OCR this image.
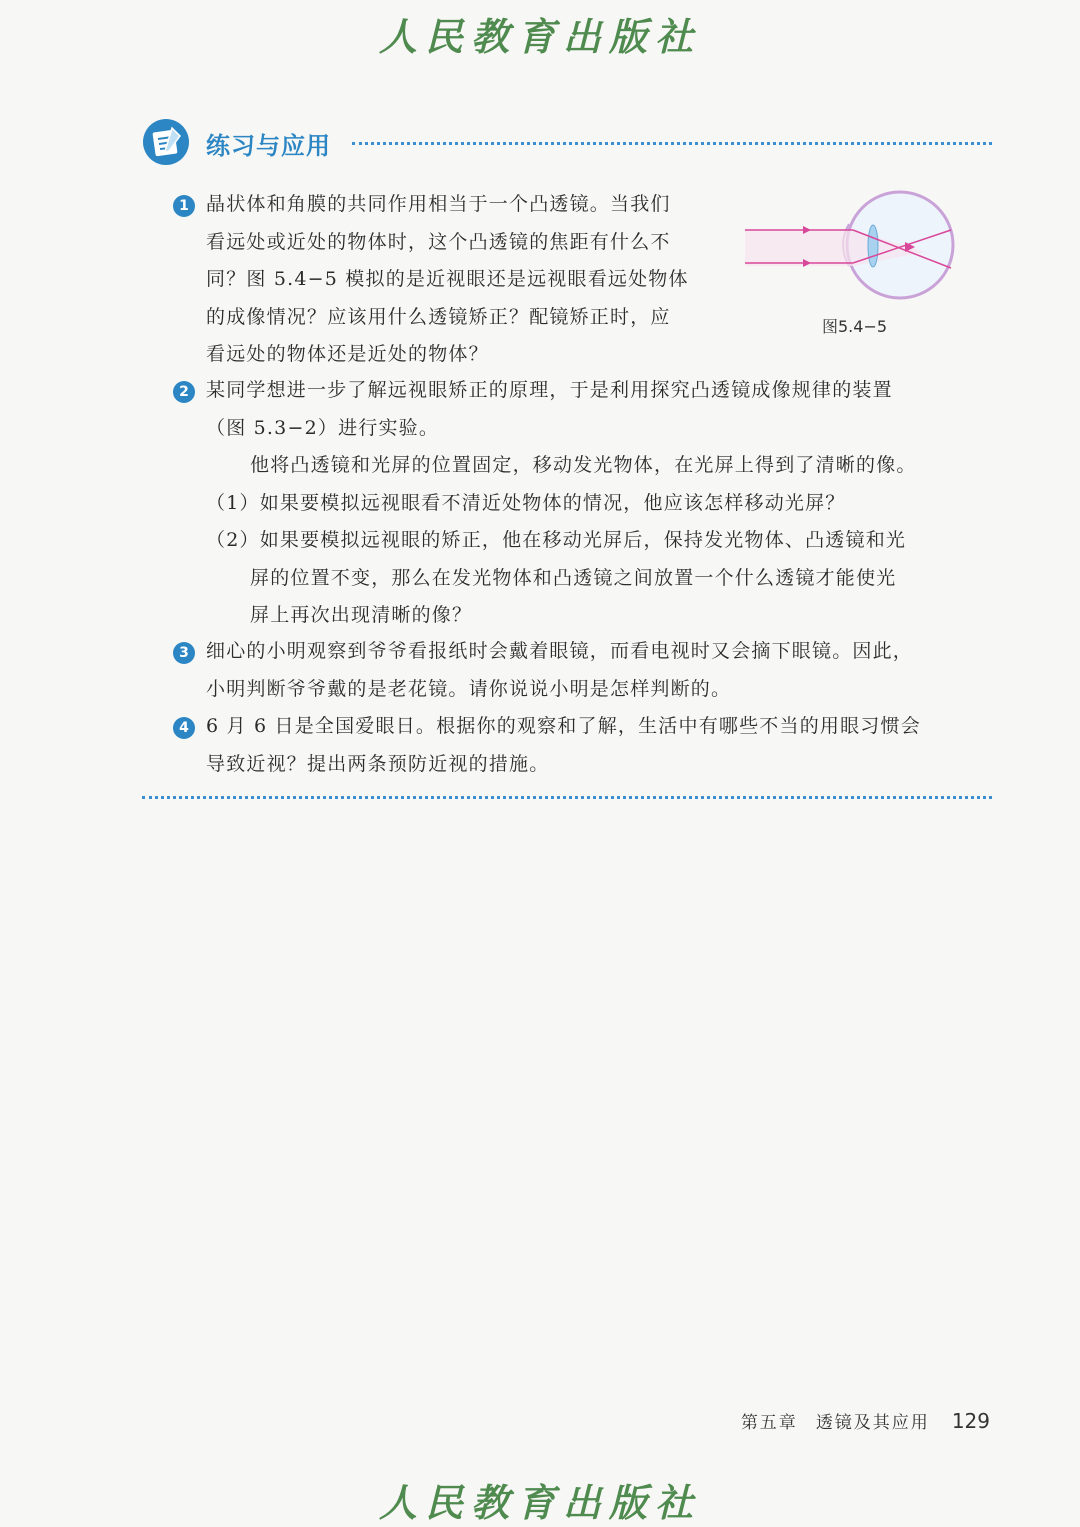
人民教育出版社
练习与应用
1 晶状体和角膜的共同作用相当于一个凸透镜。当我们
看远处或近处的物体时，这个凸透镜的焦距有什么不
同？图 5.4−5 模拟的是近视眼还是远视眼看远处物体
的成像情况？应该用什么透镜矫正？配镜矫正时，应
看远处的物体还是近处的物体？
图5.4−5
2 某同学想进一步了解远视眼矫正的原理，于是利用探究凸透镜成像规律的装置
（图 5.3−2）进行实验。
他将凸透镜和光屏的位置固定，移动发光物体，在光屏上得到了清晰的像。
（1）如果要模拟远视眼看不清近处物体的情况，他应该怎样移动光屏？
（2）如果要模拟远视眼的矫正，他在移动光屏后，保持发光物体、凸透镜和光
屏的位置不变，那么在发光物体和凸透镜之间放置一个什么透镜才能使光
屏上再次出现清晰的像？
3 细心的小明观察到爷爷看报纸时会戴着眼镜，而看电视时又会摘下眼镜。因此，
小明判断爷爷戴的是老花镜。请你说说小明是怎样判断的。
4 6 月 6 日是全国爱眼日。根据你的观察和了解，生活中有哪些不当的用眼习惯会
导致近视？提出两条预防近视的措施。
第五章 透镜及其应用 129
人民教育出版社
